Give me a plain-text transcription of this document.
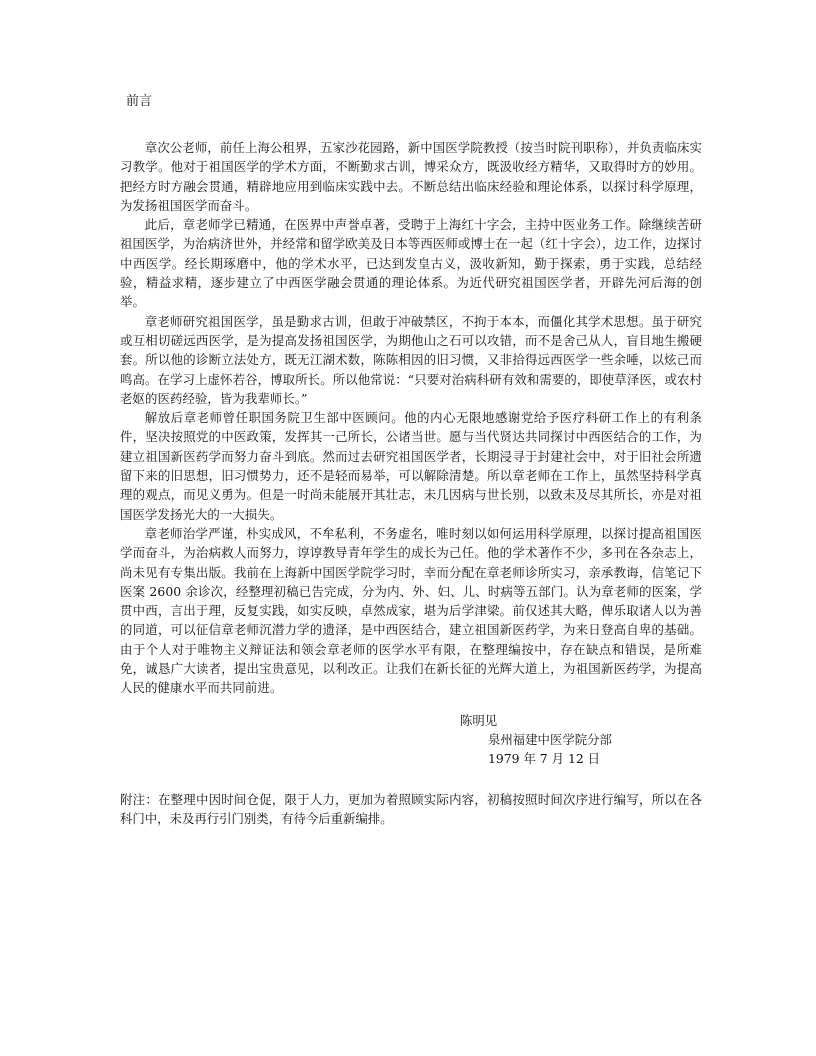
前言

章次公老师，前任上海公租界，五家沙花园路，新中国医学院教授（按当时院刊职称），并负责临床实习教学。他对于祖国医学的学术方面，不断勤求古训，博采众方，既汲收经方精华，又取得时方的妙用。把经方时方融会贯通，精辟地应用到临床实践中去。不断总结出临床经验和理论体系，以探讨科学原理，为发扬祖国医学而奋斗。

此后，章老师学已精通，在医界中声誉卓著，受聘于上海红十字会，主持中医业务工作。除继续苦研祖国医学，为治病济世外，并经常和留学欧美及日本等西医师或博士在一起（红十字会），边工作，边探讨中西医学。经长期琢磨中，他的学术水平，已达到发皇古义，汲收新知，勤于探索，勇于实践，总结经验，精益求精，逐步建立了中西医学融会贯通的理论体系。为近代研究祖国医学者，开辟先河后海的创举。

章老师研究祖国医学，虽是勤求古训，但敢于冲破禁区，不拘于本本，而僵化其学术思想。虽于研究或互相切磋远西医学，是为提高发扬祖国医学，为期他山之石可以攻错，而不是舍己从人，盲目地生搬硬套。所以他的诊断立法处方，既无江湖术数，陈陈相因的旧习惯，又非拾得远西医学一些余唾，以炫己而鸣高。在学习上虚怀若谷，博取所长。所以他常说：“只要对治病科研有效和需要的，即使草泽医，或农村老妪的医药经验，皆为我辈师长。”

解放后章老师曾任职国务院卫生部中医顾问。他的内心无限地感谢党给予医疗科研工作上的有利条件，坚决按照党的中医政策，发挥其一己所长，公诸当世。愿与当代贤达共同探讨中西医结合的工作，为建立祖国新医药学而努力奋斗到底。然而过去研究祖国医学者，长期浸寻于封建社会中，对于旧社会所遗留下来的旧思想，旧习惯势力，还不是轻而易举，可以解除清楚。所以章老师在工作上，虽然坚持科学真理的观点，而见义勇为。但是一时尚未能展开其壮志，未几因病与世长别，以致未及尽其所长，亦是对祖国医学发扬光大的一大损失。

章老师治学严谨，朴实成风，不牟私利，不务虚名，唯时刻以如何运用科学原理，以探讨提高祖国医学而奋斗，为治病救人而努力，谆谆教导青年学生的成长为己任。他的学术著作不少，多刊在各杂志上，尚未见有专集出版。我前在上海新中国医学院学习时，幸而分配在章老师诊所实习，亲承教诲，信笔记下医案 2600 余诊次，经整理初稿已告完成，分为内、外、妇、儿、时病等五部门。认为章老师的医案，学贯中西，言出于理，反复实践，如实反映，卓然成家，堪为后学津梁。前仅述其大略，俾乐取诸人以为善的同道，可以征信章老师沉潜力学的遗泽，是中西医结合，建立祖国新医药学，为来日登高自卑的基础。由于个人对于唯物主义辩证法和领会章老师的医学水平有限，在整理编按中，存在缺点和错误，是所难免，诚恳广大读者，提出宝贵意见，以利改正。让我们在新长征的光辉大道上，为祖国新医药学，为提高人民的健康水平而共同前进。

陈明见
泉州福建中医学院分部
1979 年 7 月 12 日

附注：在整理中因时间仓促，限于人力，更加为着照顾实际内容，初稿按照时间次序进行编写，所以在各科门中，未及再行引门别类，有待今后重新编排。
